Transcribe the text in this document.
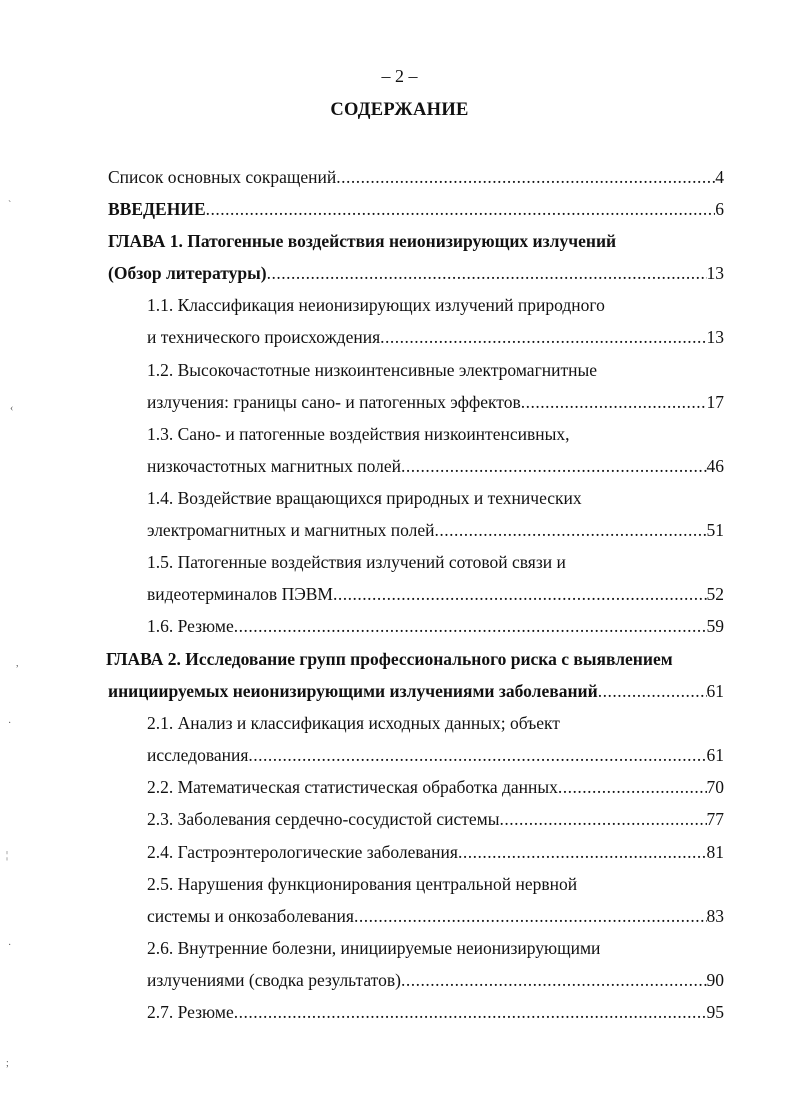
– 2 –
СОДЕРЖАНИЕ
Список основных сокращений .....	4
ВВЕДЕНИЕ .....	6
ГЛАВА 1. Патогенные воздействия неионизирующих излучений
(Обзор литературы) .....	13
1.1. Классификация неионизирующих излучений природного
и технического происхождения .....	13
1.2. Высокочастотные низкоинтенсивные электромагнитные
излучения: границы сано- и патогенных эффектов .....	17
1.3. Сано- и патогенные воздействия низкоинтенсивных,
низкочастотных магнитных полей .....	46
1.4. Воздействие вращающихся природных и технических
электромагнитных и магнитных полей .....	51
1.5. Патогенные воздействия излучений сотовой связи и
видеотерминалов ПЭВМ .....	52
1.6. Резюме .....	59
ГЛАВА 2. Исследование групп профессионального риска с выявлением
инициируемых неионизирующими излучениями заболеваний .....	61
2.1. Анализ и классификация исходных данных; объект
исследования .....	61
2.2. Математическая статистическая обработка данных .....	70
2.3. Заболевания сердечно-сосудистой системы .....	77
2.4. Гастроэнтерологические заболевания .....	81
2.5. Нарушения функционирования центральной нервной
системы и онкозаболевания .....	83
2.6. Внутренние болезни, инициируемые неионизирующими
излучениями (сводка результатов) .....	90
2.7. Резюме .....	95
`
‹
,
·
¦
·
;
